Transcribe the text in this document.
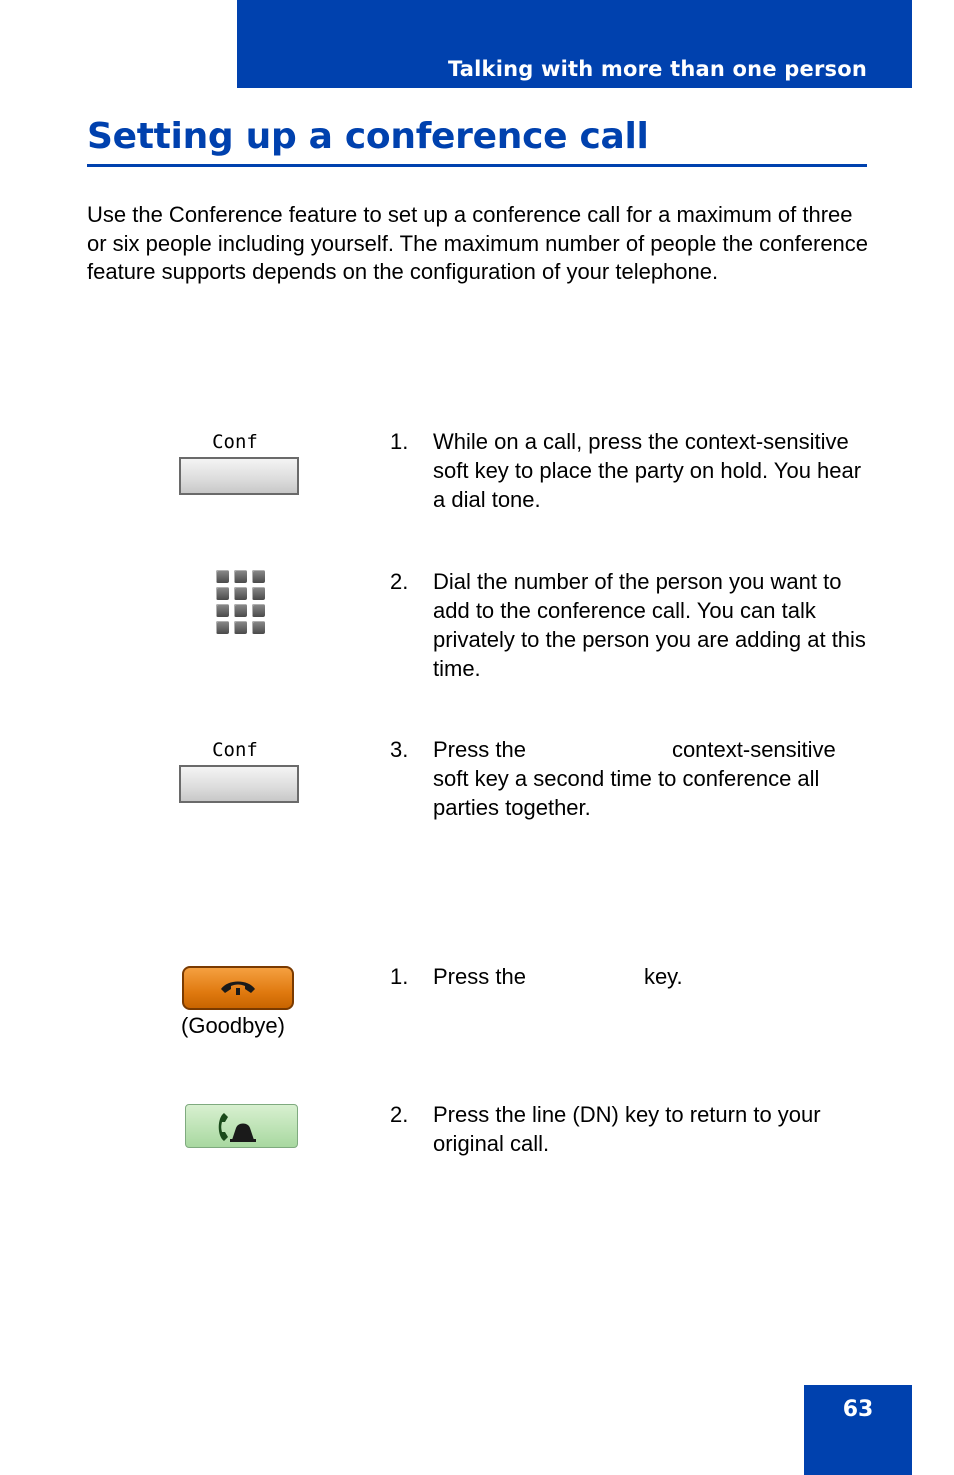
Talking with more than one person
Setting up a conference call

Use the Conference feature to set up a conference call for a maximum of three or six people including yourself. The maximum number of people the conference feature supports depends on the configuration of your telephone.

Conf	1. While on a call, press the context-sensitive soft key to place the party on hold. You hear a dial tone.
2. Dial the number of the person you want to add to the conference call. You can talk privately to the person you are adding at this time.
Conf	3. Press the	context-sensitive soft key a second time to conference all parties together.
(Goodbye)
1. Press the	key.
2. Press the line (DN) key to return to your original call.
63
